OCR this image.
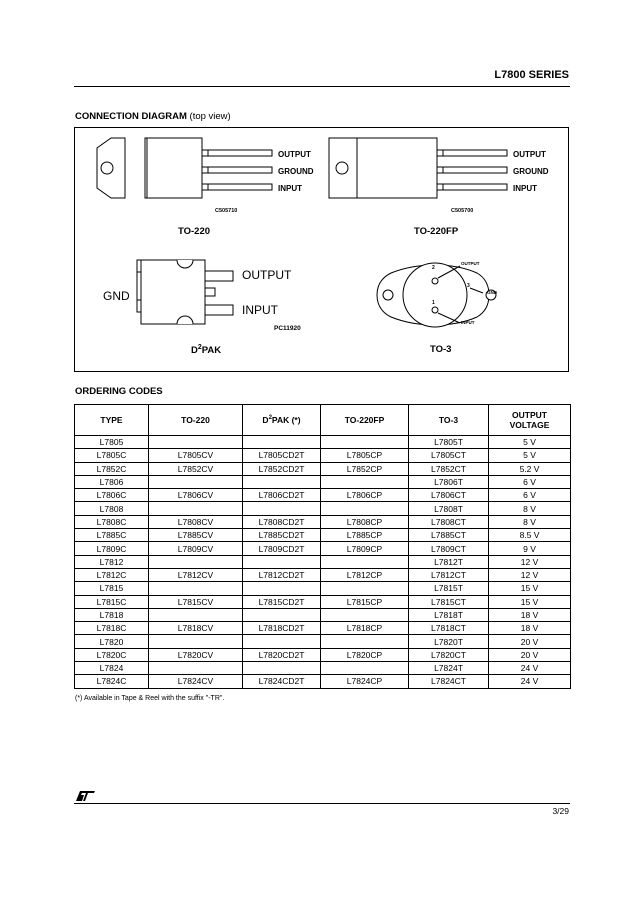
L7800 SERIES
CONNECTION DIAGRAM (top view)
OUTPUT
GROUND
INPUT
C505710
TO-220
OUTPUT
GROUND
INPUT
C505700
TO-220FP
GND
OUTPUT
INPUT
PC11920
$D^2PAK$
2
1
3
OUTPUT
GND
INPUT
TO-3
ORDERING CODES
TYPE	TO-220	$D^2PAK$ (*)	TO-220FP	TO-3	OUTPUT
VOLTAGE
L7805				L7805T	5 V
L7805C	L7805CV	L7805CD2T	L7805CP	L7805CT	5 V
L7852C	L7852CV	L7852CD2T	L7852CP	L7852CT	5.2 V
L7806				L7806T	6 V
L7806C	L7806CV	L7806CD2T	L7806CP	L7806CT	6 V
L7808				L7808T	8 V
L7808C	L7808CV	L7808CD2T	L7808CP	L7808CT	8 V
L7885C	L7885CV	L7885CD2T	L7885CP	L7885CT	8.5 V
L7809C	L7809CV	L7809CD2T	L7809CP	L7809CT	9 V
L7812				L7812T	12 V
L7812C	L7812CV	L7812CD2T	L7812CP	L7812CT	12 V
L7815				L7815T	15 V
L7815C	L7815CV	L7815CD2T	L7815CP	L7815CT	15 V
L7818				L7818T	18 V
L7818C	L7818CV	L7818CD2T	L7818CP	L7818CT	18 V
L7820				L7820T	20 V
L7820C	L7820CV	L7820CD2T	L7820CP	L7820CT	20 V
L7824				L7824T	24 V
L7824C	L7824CV	L7824CD2T	L7824CP	L7824CT	24 V
(*) Available in Tape & Reel with the suffix "-TR".
3/29
